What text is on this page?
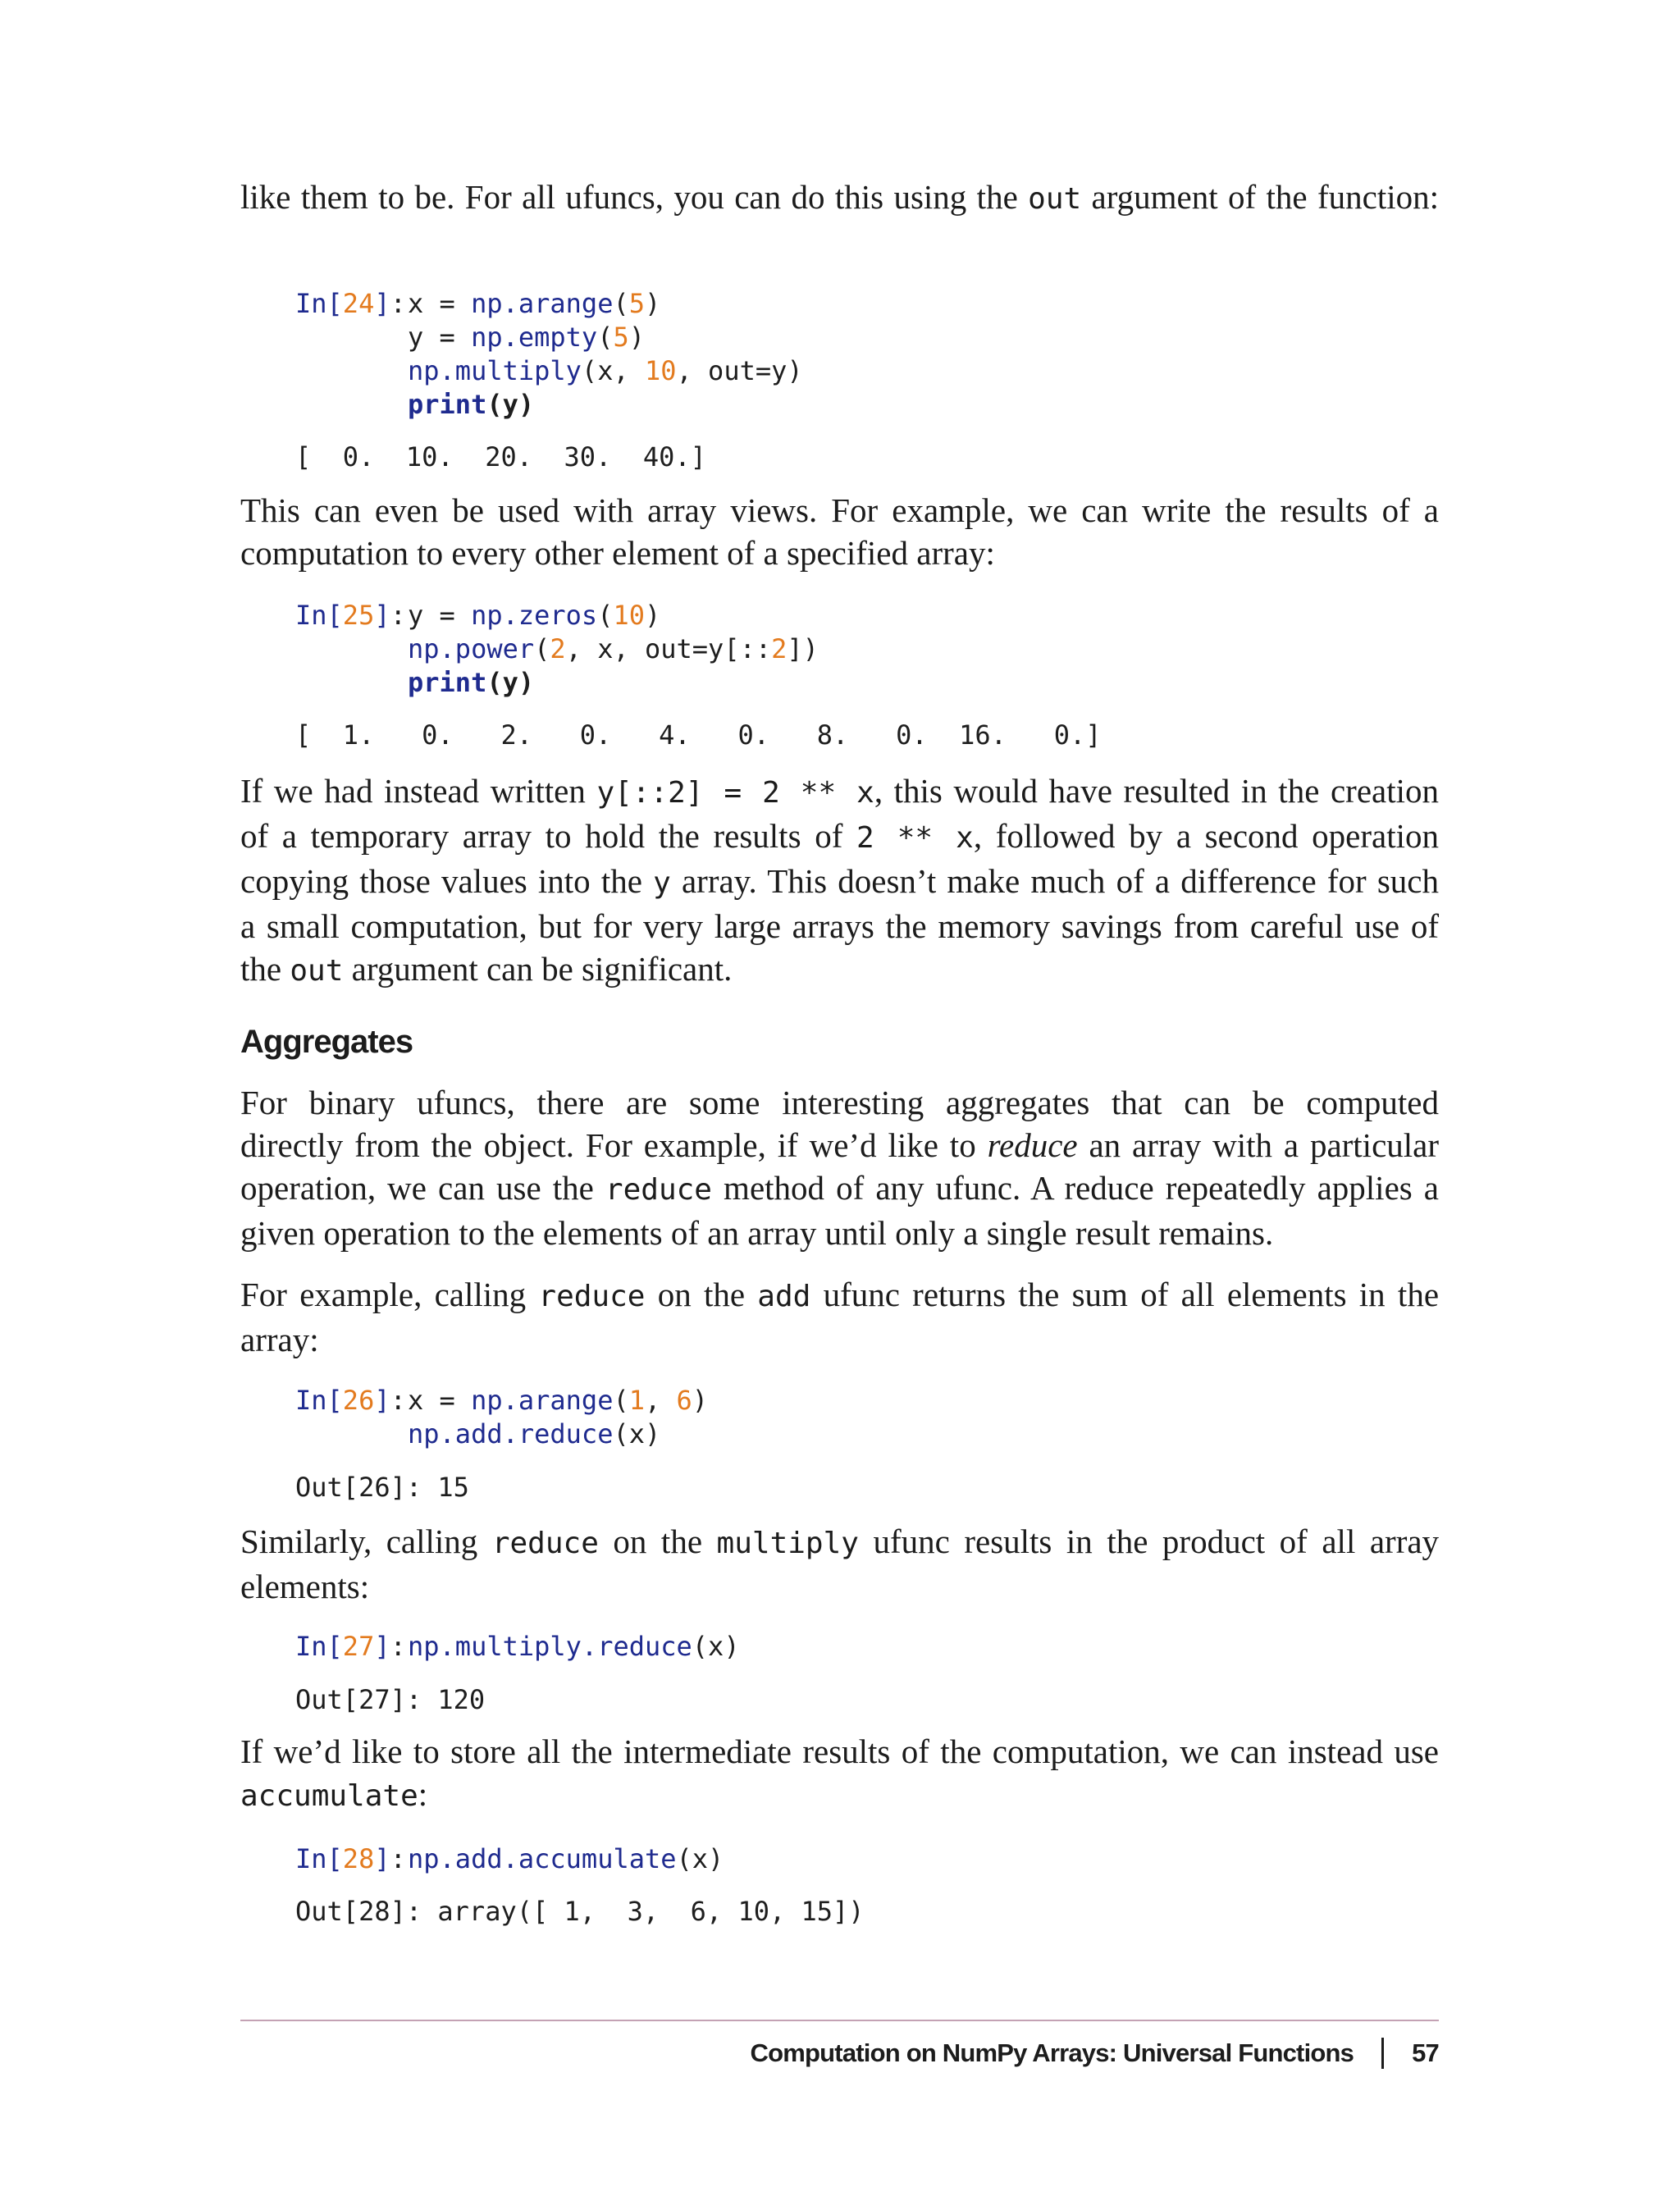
like them to be. For all ufuncs, you can do this using the out argument of the function:

In[24]: x = np.arange(5)
y = np.empty(5)
np.multiply(x, 10, out=y)
print(y)

[  0.  10.  20.  30.  40.]

This can even be used with array views. For example, we can write the results of a
computation to every other element of a specified array:

In[25]: y = np.zeros(10)
np.power(2, x, out=y[::2])
print(y)

[  1.   0.   2.   0.   4.   0.   8.   0.  16.   0.]

If we had instead written y[::2] = 2 ** x, this would have resulted in the creation
of a temporary array to hold the results of 2 ** x, followed by a second operation
copying those values into the y array. This doesn’t make much of a difference for such
a small computation, but for very large arrays the memory savings from careful use of
the out argument can be significant.

Aggregates

For binary ufuncs, there are some interesting aggregates that can be computed
directly from the object. For example, if we’d like to reduce an array with a particular
operation, we can use the reduce method of any ufunc. A reduce repeatedly applies a
given operation to the elements of an array until only a single result remains.

For example, calling reduce on the add ufunc returns the sum of all elements in the
array:

In[26]: x = np.arange(1, 6)
np.add.reduce(x)

Out[26]: 15

Similarly, calling reduce on the multiply ufunc results in the product of all array
elements:

In[27]: np.multiply.reduce(x)

Out[27]: 120

If we’d like to store all the intermediate results of the computation, we can instead use
accumulate:

In[28]: np.add.accumulate(x)

Out[28]: array([ 1,  3,  6, 10, 15])
Computation on NumPy Arrays: Universal Functions 57
